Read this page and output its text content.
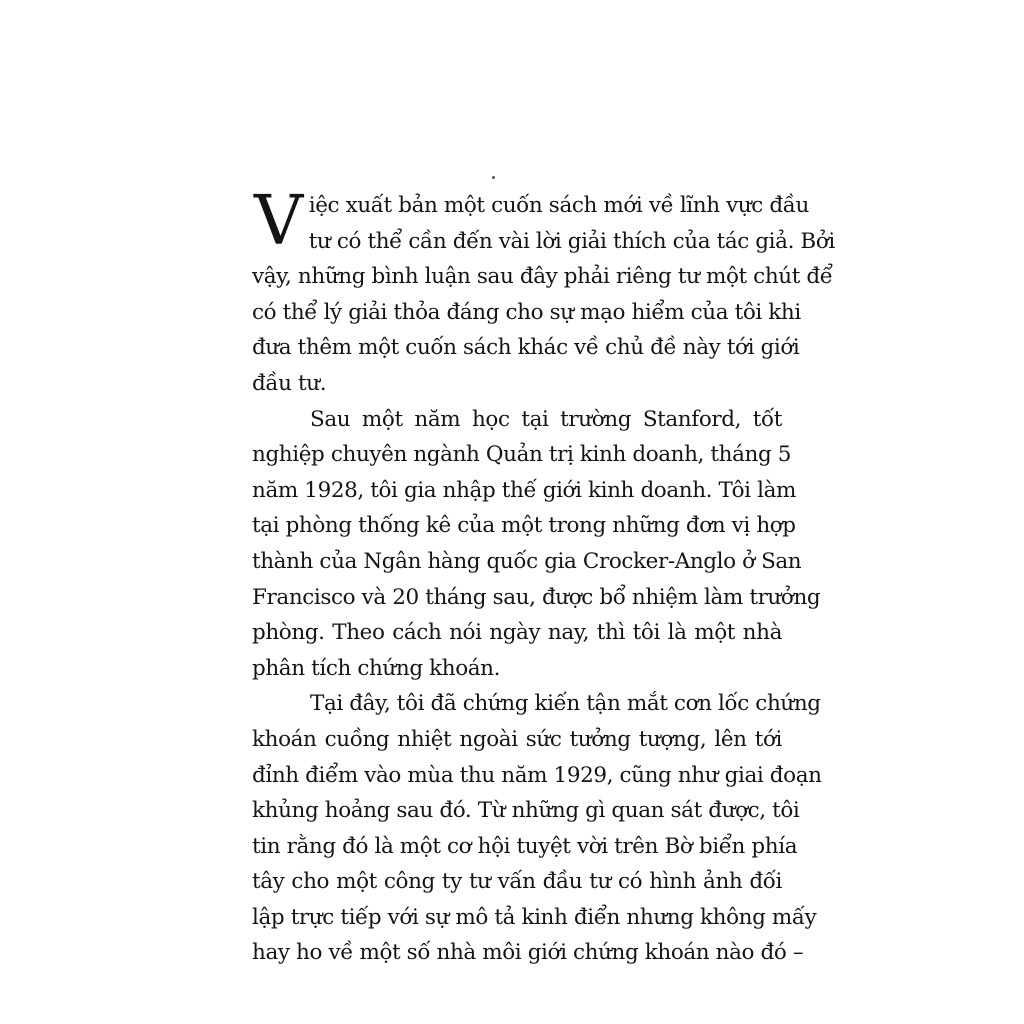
V iệc xuất bản một cuốn sách mới về lĩnh vực đầu
tư có thể cần đến vài lời giải thích của tác giả. Bởi
vậy, những bình luận sau đây phải riêng tư một chút để
có thể lý giải thỏa đáng cho sự mạo hiểm của tôi khi
đưa thêm một cuốn sách khác về chủ đề này tới giới
đầu tư.
Sau một năm học tại trường Stanford, tốt
nghiệp chuyên ngành Quản trị kinh doanh, tháng 5
năm 1928, tôi gia nhập thế giới kinh doanh. Tôi làm
tại phòng thống kê của một trong những đơn vị hợp
thành của Ngân hàng quốc gia Crocker-Anglo ở San
Francisco và 20 tháng sau, được bổ nhiệm làm trưởng
phòng. Theo cách nói ngày nay, thì tôi là một nhà
phân tích chứng khoán.
Tại đây, tôi đã chứng kiến tận mắt cơn lốc chứng
khoán cuồng nhiệt ngoài sức tưởng tượng, lên tới
đỉnh điểm vào mùa thu năm 1929, cũng như giai đoạn
khủng hoảng sau đó. Từ những gì quan sát được, tôi
tin rằng đó là một cơ hội tuyệt vời trên Bờ biển phía
tây cho một công ty tư vấn đầu tư có hình ảnh đối
lập trực tiếp với sự mô tả kinh điển nhưng không mấy
hay ho về một số nhà môi giới chứng khoán nào đó –
